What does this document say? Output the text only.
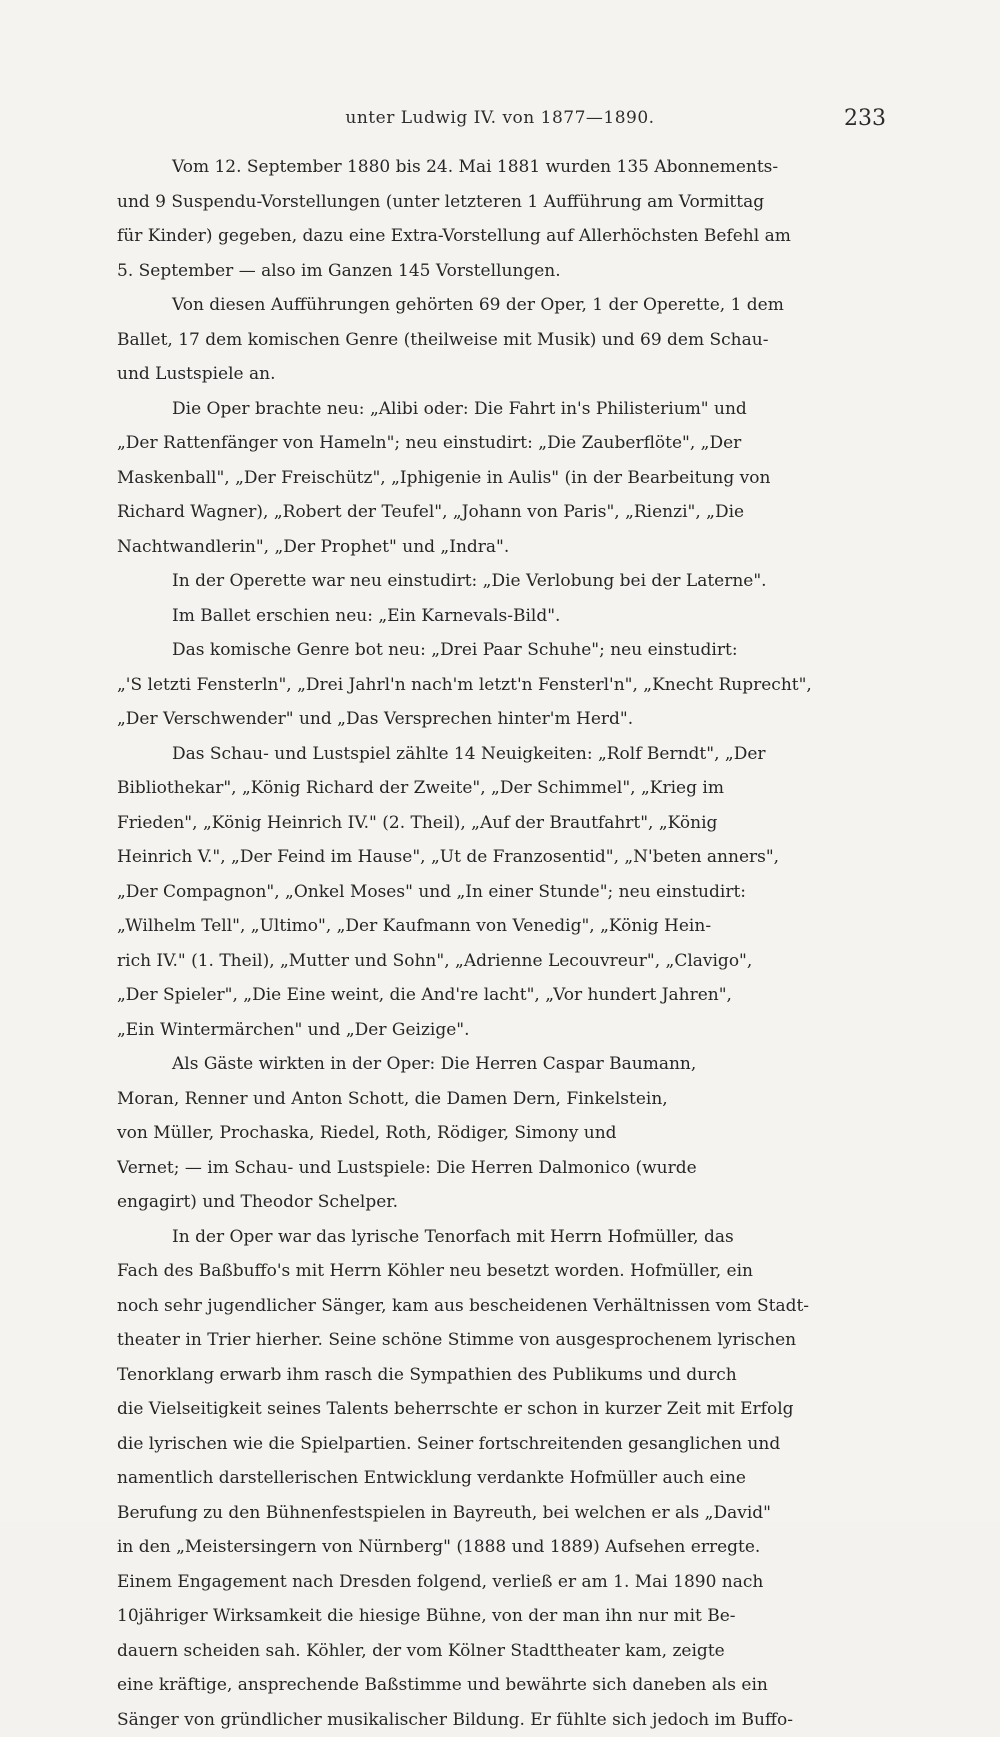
unter Ludwig IV. von 1877—1890.	233
Vom 12. September 1880 bis 24. Mai 1881 wurden 135 Abonnements-
und 9 Suspendu-Vorstellungen (unter letzteren 1 Aufführung am Vormittag
für Kinder) gegeben, dazu eine Extra-Vorstellung auf Allerhöchsten Befehl am
5. September — also im Ganzen 145 Vorstellungen.
Von diesen Aufführungen gehörten 69 der Oper, 1 der Operette, 1 dem
Ballet, 17 dem komischen Genre (theilweise mit Musik) und 69 dem Schau-
und Lustspiele an.
Die Oper brachte neu: „Alibi oder: Die Fahrt in's Philisterium" und
„Der Rattenfänger von Hameln"; neu einstudirt: „Die Zauberflöte", „Der
Maskenball", „Der Freischütz", „Iphigenie in Aulis" (in der Bearbeitung von
Richard Wagner), „Robert der Teufel", „Johann von Paris", „Rienzi", „Die
Nachtwandlerin", „Der Prophet" und „Indra".
In der Operette war neu einstudirt: „Die Verlobung bei der Laterne".
Im Ballet erschien neu: „Ein Karnevals-Bild".
Das komische Genre bot neu: „Drei Paar Schuhe"; neu einstudirt:
„'S letzti Fensterln", „Drei Jahrl'n nach'm letzt'n Fensterl'n", „Knecht Ruprecht",
„Der Verschwender" und „Das Versprechen hinter'm Herd".
Das Schau- und Lustspiel zählte 14 Neuigkeiten: „Rolf Berndt", „Der
Bibliothekar", „König Richard der Zweite", „Der Schimmel", „Krieg im
Frieden", „König Heinrich IV." (2. Theil), „Auf der Brautfahrt", „König
Heinrich V.", „Der Feind im Hause", „Ut de Franzosentid", „N'beten anners",
„Der Compagnon", „Onkel Moses" und „In einer Stunde"; neu einstudirt:
„Wilhelm Tell", „Ultimo", „Der Kaufmann von Venedig", „König Hein-
rich IV." (1. Theil), „Mutter und Sohn", „Adrienne Lecouvreur", „Clavigo",
„Der Spieler", „Die Eine weint, die And're lacht", „Vor hundert Jahren",
„Ein Wintermärchen" und „Der Geizige".
Als Gäste wirkten in der Oper: Die Herren Caspar Baumann,
Moran, Renner und Anton Schott, die Damen Dern, Finkelstein,
von Müller, Prochaska, Riedel, Roth, Rödiger, Simony und
Vernet; — im Schau- und Lustspiele: Die Herren Dalmonico (wurde
engagirt) und Theodor Schelper.
In der Oper war das lyrische Tenorfach mit Herrn Hofmüller, das
Fach des Baßbuffo's mit Herrn Köhler neu besetzt worden. Hofmüller, ein
noch sehr jugendlicher Sänger, kam aus bescheidenen Verhältnissen vom Stadt-
theater in Trier hierher. Seine schöne Stimme von ausgesprochenem lyrischen
Tenorklang erwarb ihm rasch die Sympathien des Publikums und durch
die Vielseitigkeit seines Talents beherrschte er schon in kurzer Zeit mit Erfolg
die lyrischen wie die Spielpartien. Seiner fortschreitenden gesanglichen und
namentlich darstellerischen Entwicklung verdankte Hofmüller auch eine
Berufung zu den Bühnenfestspielen in Bayreuth, bei welchen er als „David"
in den „Meistersingern von Nürnberg" (1888 und 1889) Aufsehen erregte.
Einem Engagement nach Dresden folgend, verließ er am 1. Mai 1890 nach
10jähriger Wirksamkeit die hiesige Bühne, von der man ihn nur mit Be-
dauern scheiden sah. Köhler, der vom Kölner Stadttheater kam, zeigte
eine kräftige, ansprechende Baßstimme und bewährte sich daneben als ein
Sänger von gründlicher musikalischer Bildung. Er fühlte sich jedoch im Buffo-
